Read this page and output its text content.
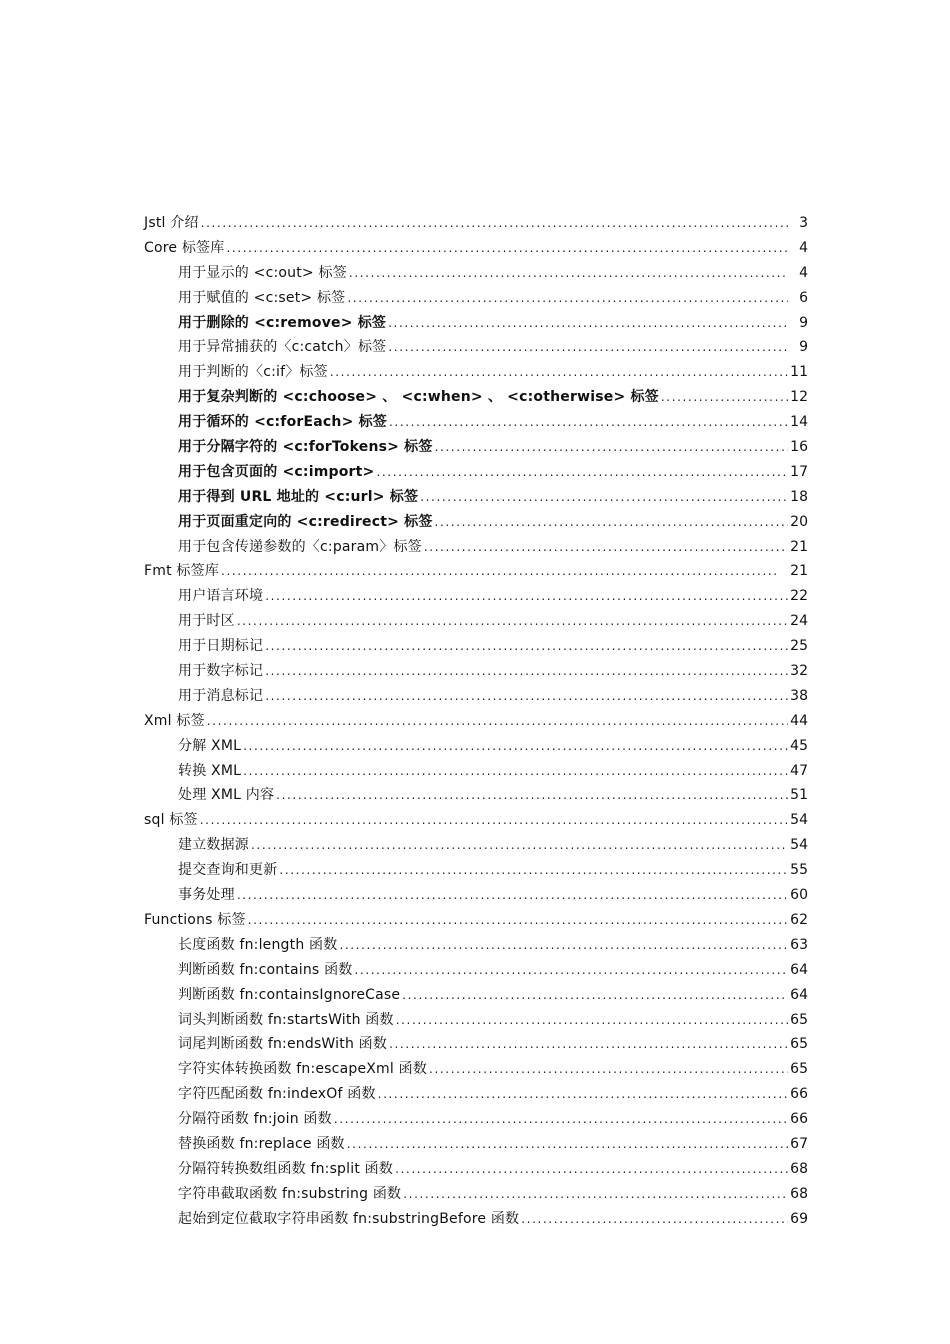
Jstl 介绍 .....	3
Core 标签库 .....	4
用于显示的 <c:out> 标签 .....	4
用于赋值的 <c:set> 标签 .....	6
用于删除的 <c:remove> 标签 .....	9
用于异常捕获的〈c:catch〉标签 .....	9
用于判断的〈c:if〉标签 .....	11
用于复杂判断的 <c:choose> 、 <c:when> 、 <c:otherwise> 标签 .....	12
用于循环的 <c:forEach> 标签 .....	14
用于分隔字符的 <c:forTokens> 标签 .....	16
用于包含页面的 <c:import> .....	17
用于得到 URL 地址的 <c:url> 标签 .....	18
用于页面重定向的 <c:redirect> 标签 .....	20
用于包含传递参数的〈c:param〉标签 .....	21
Fmt 标签库 .....	21
用户语言环境 .....	22
用于时区 .....	24
用于日期标记 .....	25
用于数字标记 .....	32
用于消息标记 .....	38
Xml 标签 .....	44
分解 XML .....	45
转换 XML .....	47
处理 XML 内容 .....	51
sql 标签 .....	54
建立数据源 .....	54
提交查询和更新 .....	55
事务处理 .....	60
Functions 标签 .....	62
长度函数 fn:length 函数 .....	63
判断函数 fn:contains 函数 .....	64
判断函数 fn:containsIgnoreCase .....	64
词头判断函数 fn:startsWith 函数 .....	65
词尾判断函数 fn:endsWith 函数 .....	65
字符实体转换函数 fn:escapeXml 函数 .....	65
字符匹配函数 fn:indexOf 函数 .....	66
分隔符函数 fn:join 函数 .....	66
替换函数 fn:replace 函数 .....	67
分隔符转换数组函数 fn:split 函数 .....	68
字符串截取函数 fn:substring 函数 .....	68
起始到定位截取字符串函数 fn:substringBefore 函数 .....	69
